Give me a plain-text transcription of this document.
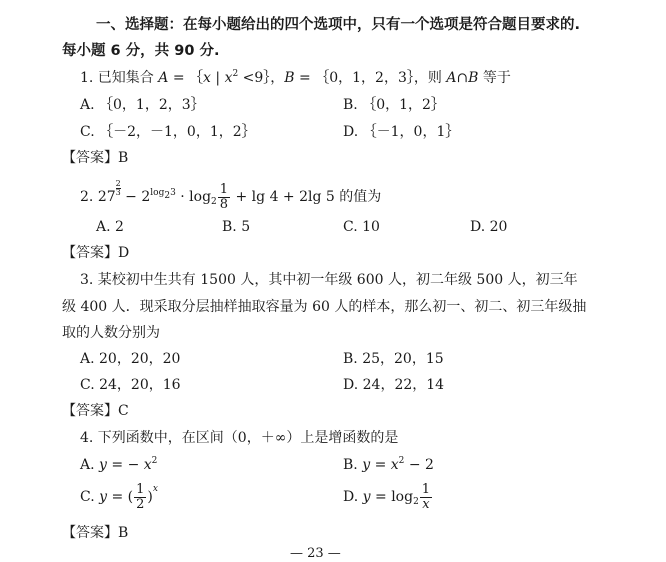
一、选择题：在每小题给出的四个选项中，只有一个选项是符合题目要求的.
每小题 6 分，共 90 分.
1. 已知集合 A = ｛x | $x^2$ <9｝，B = ｛0，1，2，3｝，则 A∩B 等于
A. ｛0，1，2，3｝	B. ｛0，1，2｝
C. ｛－2，－1，0，1，2｝	D. ｛－1，0，1｝
【答案】B
2. $27\frac{2}{3} - 2^{log_23} \cdot \log_2 \frac{1}{8} + \lg 4 + 2\lg$ 5 的值为
A. 2	B. 5	C. 10	D. 20
【答案】D
3. 某校初中生共有 1500 人，其中初一年级 600 人，初二年级 500 人，初三年
级 400 人．现采取分层抽样抽取容量为 60 人的样本，那么初一、初二、初三年级抽
取的人数分别为
A. 20，20，20	B. 25，20，15
C. 24，20，16	D. 24，22，14
【答案】C
4. 下列函数中，在区间（0，＋∞）上是增函数的是
A. y = − $x^2$	B. $y = x^2 - 2$
C. y = ( $\frac{1}{2} )^x$	D. $y = \log_2 \frac{1}{x}$
【答案】B
— 23 —
